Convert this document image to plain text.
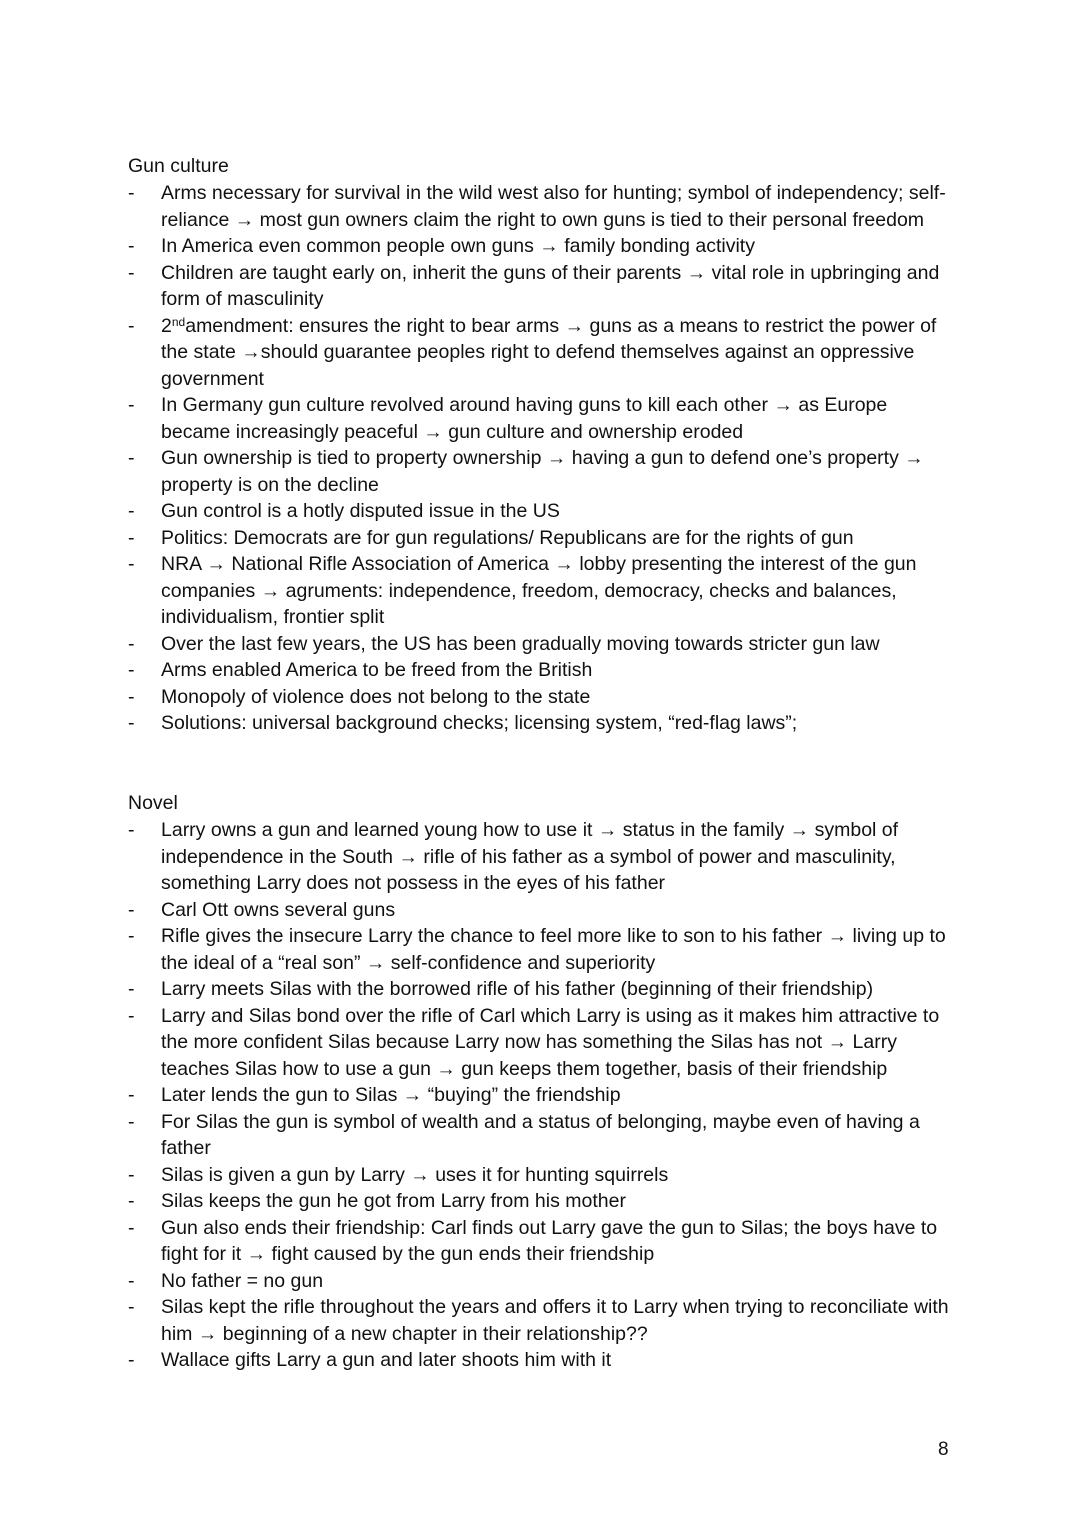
Gun culture

- Arms necessary for survival in the wild west also for hunting; symbol of independency; self-reliance → most gun owners claim the right to own guns is tied to their personal freedom
- In America even common people own guns → family bonding activity
- Children are taught early on, inherit the guns of their parents → vital role in upbringing and form of masculinity
- 2ndamendment: ensures the right to bear arms → guns as a means to restrict the power of the state →should guarantee peoples right to defend themselves against an oppressive government
- In Germany gun culture revolved around having guns to kill each other → as Europe became increasingly peaceful → gun culture and ownership eroded
- Gun ownership is tied to property ownership → having a gun to defend one’s property → property is on the decline
- Gun control is a hotly disputed issue in the US
- Politics: Democrats are for gun regulations/ Republicans are for the rights of gun
- NRA → National Rifle Association of America → lobby presenting the interest of the gun companies → agruments: independence, freedom, democracy, checks and balances, individualism, frontier split
- Over the last few years, the US has been gradually moving towards stricter gun law
- Arms enabled America to be freed from the British
- Monopoly of violence does not belong to the state
- Solutions: universal background checks; licensing system, “red-flag laws”;

Novel

- Larry owns a gun and learned young how to use it → status in the family → symbol of independence in the South → rifle of his father as a symbol of power and masculinity, something Larry does not possess in the eyes of his father
- Carl Ott owns several guns
- Rifle gives the insecure Larry the chance to feel more like to son to his father → living up to the ideal of a “real son” → self-confidence and superiority
- Larry meets Silas with the borrowed rifle of his father (beginning of their friendship)
- Larry and Silas bond over the rifle of Carl which Larry is using as it makes him attractive to the more confident Silas because Larry now has something the Silas has not → Larry teaches Silas how to use a gun → gun keeps them together, basis of their friendship
- Later lends the gun to Silas → “buying” the friendship
- For Silas the gun is symbol of wealth and a status of belonging, maybe even of having a father
- Silas is given a gun by Larry → uses it for hunting squirrels
- Silas keeps the gun he got from Larry from his mother
- Gun also ends their friendship: Carl finds out Larry gave the gun to Silas; the boys have to fight for it → fight caused by the gun ends their friendship
- No father = no gun
- Silas kept the rifle throughout the years and offers it to Larry when trying to reconciliate with him → beginning of a new chapter in their relationship??
- Wallace gifts Larry a gun and later shoots him with it
8
